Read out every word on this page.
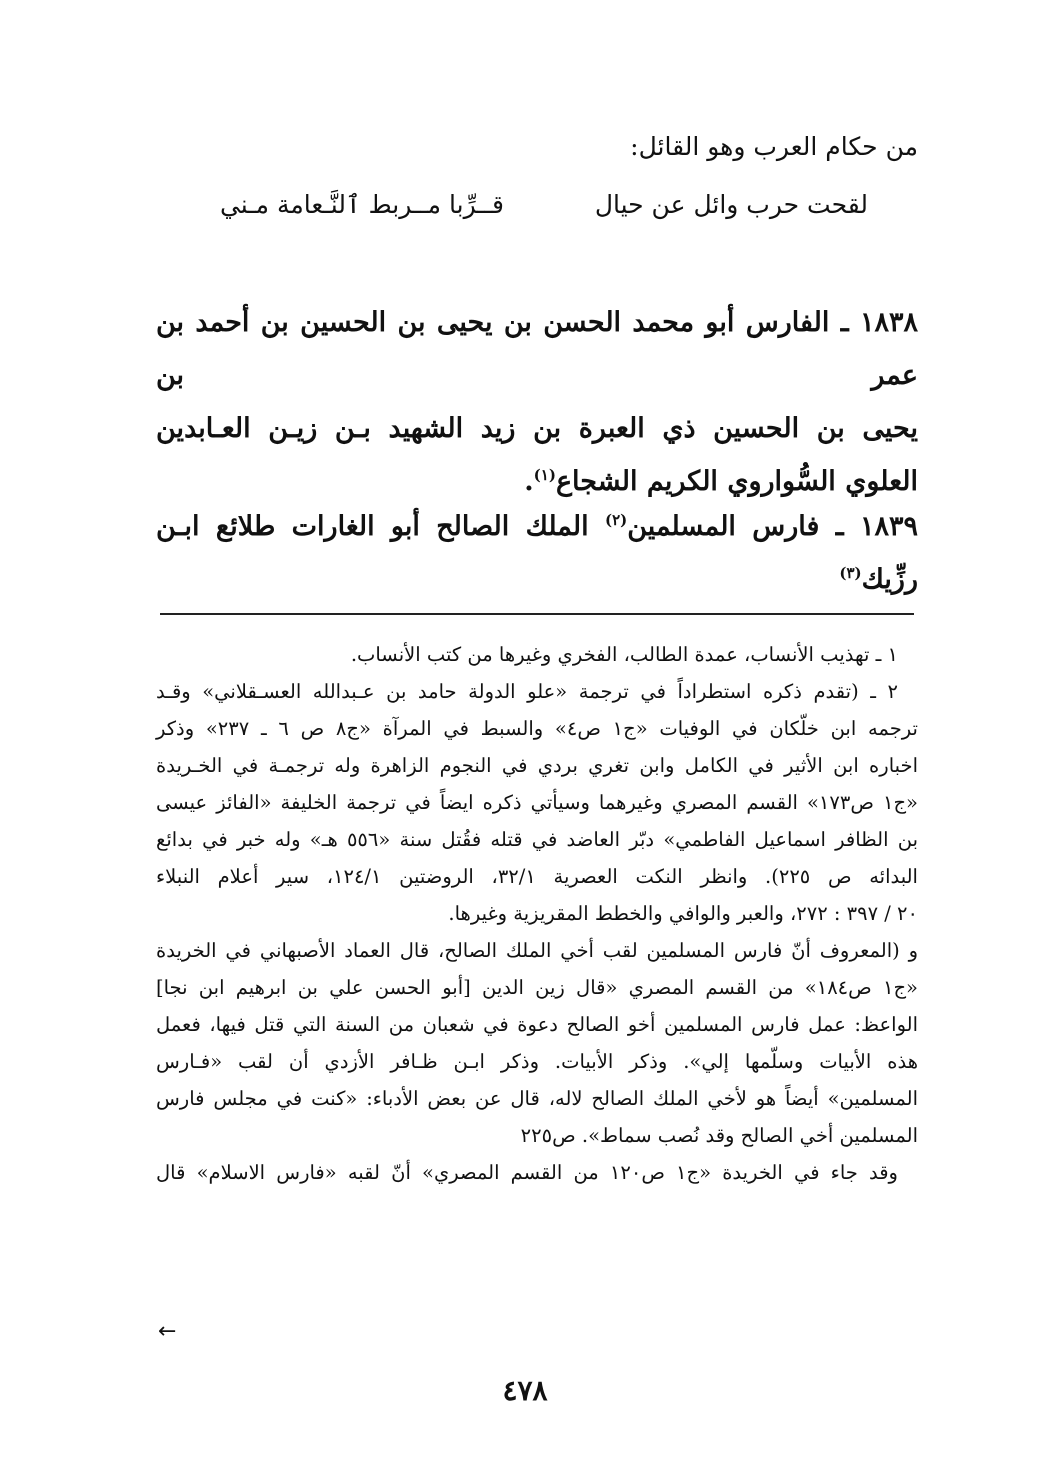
من حكام العرب وهو القائل:
قــرِّبا مــربط ٱلنَّـعامة مـني	لقحت حرب وائل عن حيال
١٨٣٨ ـ الفارس أبو محمد الحسن بن يحيى بن الحسين بن أحمد بن عمر بن
يحيى بن الحسين ذي العبرة بن زيد الشهيد بـن زيـن العـابدين
العلوي السُّواروي الكريم الشجاع$^{(١)}$.
١٨٣٩ ـ فارس المسلمين$^{(٢)}$ الملك الصالح أبو الغارات طلائع ابـن رزِّيك$^{(٣)}$
١ ـ تهذيب الأنساب، عمدة الطالب، الفخري وغيرها من كتب الأنساب.
٢ ـ (تقدم ذكره استطراداً في ترجمة «علو الدولة حامد بن عـبدالله العسـقلاني» وقـد
ترجمه ابن خلّكان في الوفيات «ج١ ص٤» والسبط في المرآة «ج٨ ص ٦ ـ ٢٣٧» وذكر
اخباره ابن الأثير في الكامل وابن تغري بردي في النجوم الزاهرة وله ترجمـة في الخـريدة
«ج١ ص١٧٣» القسم المصري وغيرهما وسيأتي ذكره ايضاً في ترجمة الخليفة «الفائز عيسى
بن الظافر اسماعيل الفاطمي» دبّر العاضد في قتله فقُتل سنة «٥٥٦ هـ» وله خبر في بدائع
البدائه ص ٢٢٥). وانظر النكت العصرية ٣٢/١، الروضتين ١٢٤/١، سير أعلام النبلاء
٢٠ / ٣٩٧ : ٢٧٢، والعبر والوافي والخطط المقريزية وغيرها.
و (المعروف أنّ فارس المسلمين لقب أخي الملك الصالح، قال العماد الأصبهاني في الخريدة
«ج١ ص١٨٤» من القسم المصري «قال زين الدين [أبو الحسن علي بن ابرهيم ابن نجا]
الواعظ: عمل فارس المسلمين أخو الصالح دعوة في شعبان من السنة التي قتل فيها، فعمل
هذه الأبيات وسلّمها إلي». وذكر الأبيات. وذكر ابـن ظـافر الأزدي أن لقب «فـارس
المسلمين» أيضاً هو لأخي الملك الصالح لاله، قال عن بعض الأدباء: «كنت في مجلس فارس
المسلمين أخي الصالح وقد نُصب سماط». ص٢٢٥
وقد جاء في الخريدة «ج١ ص١٢٠ من القسم المصري» أنّ لقبه «فارس الاسلام» قال
←
٤٧٨
